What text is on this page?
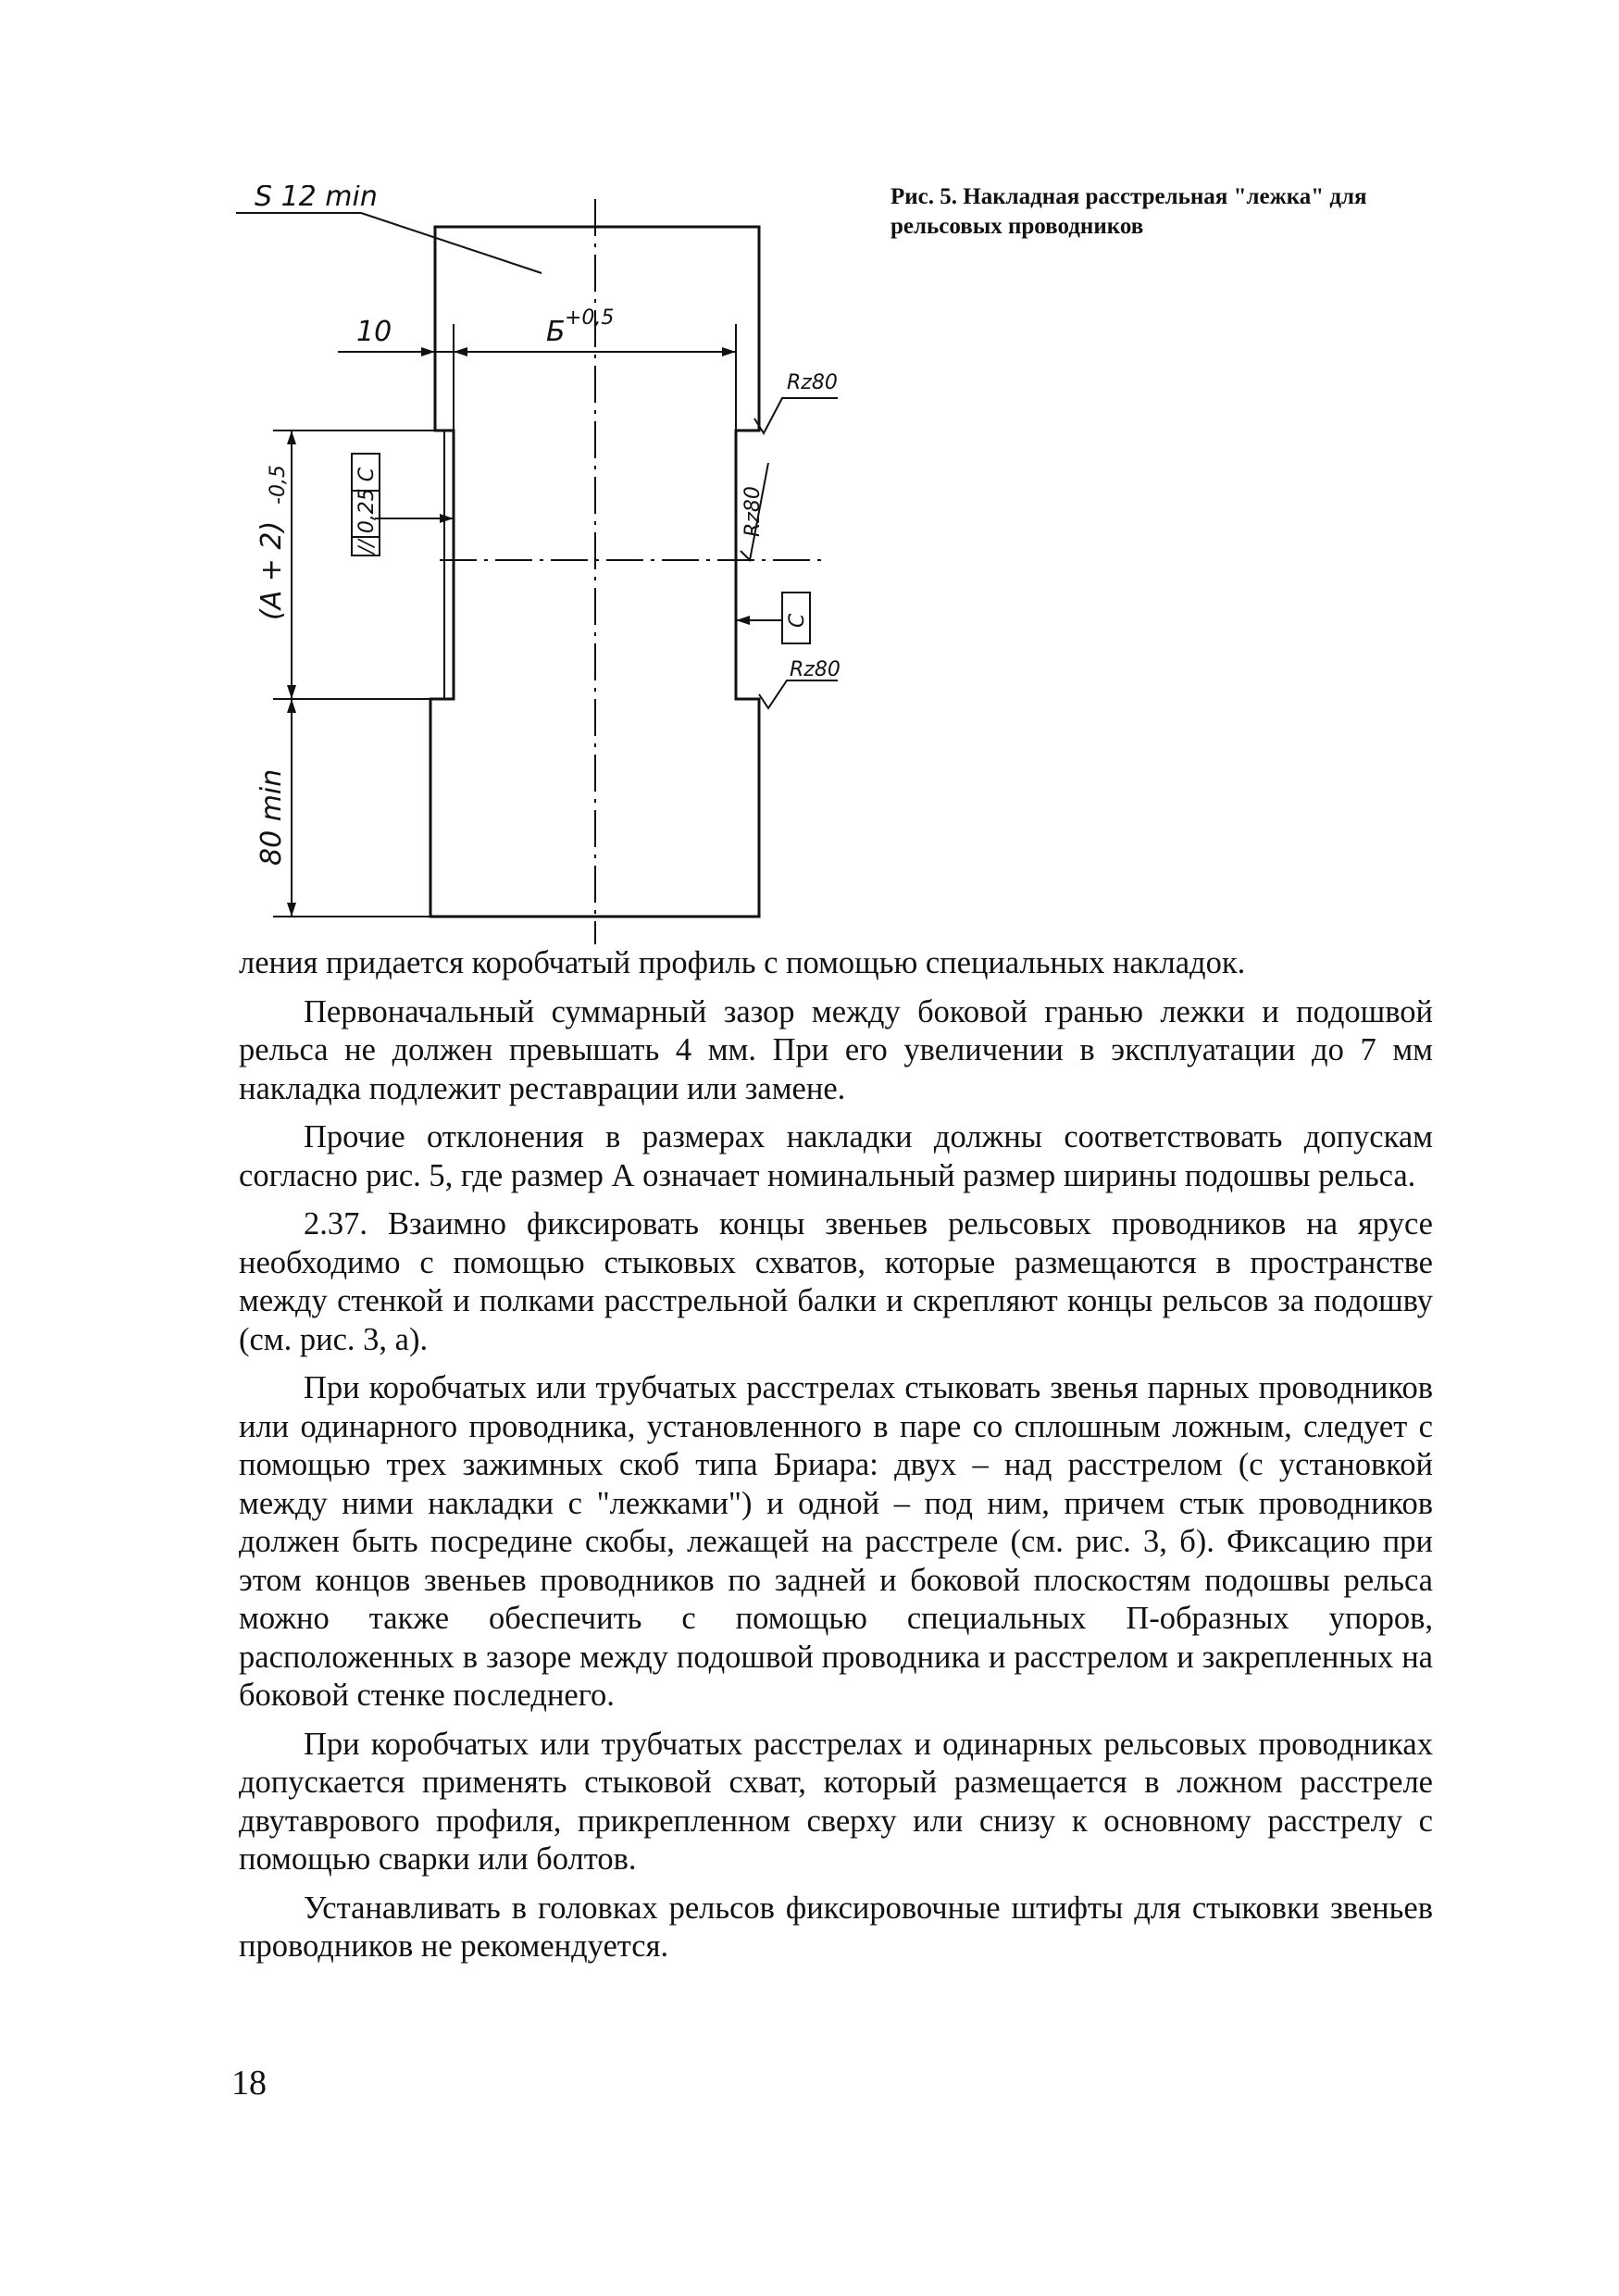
S 12 min
10	Б +0,5
(A + 2)
-0,5
80 min
Rz80
Rz80
Rz80
// 0,25 C
C
Рис. 5. Накладная расстрельная "лежка" для рельсовых проводников

ления придается коробчатый профиль с помощью специальных накладок.

Первоначальный суммарный зазор между боковой гранью лежки и подошвой рельса не должен превышать 4 мм. При его увеличении в эксплуатации до 7 мм накладка подлежит реставрации или замене.

Прочие отклонения в размерах накладки должны соответствовать допускам согласно рис. 5, где размер А означает номинальный размер ширины подошвы рельса.

2.37. Взаимно фиксировать концы звеньев рельсовых проводников на ярусе необходимо с помощью стыковых схватов, которые размещаются в пространстве между стенкой и полками расстрельной балки и скрепляют концы рельсов за подошву (см. рис. 3, а).

При коробчатых или трубчатых расстрелах стыковать звенья парных проводников или одинарного проводника, установленного в паре со сплошным ложным, следует с помощью трех зажимных скоб типа Бриара: двух – над расстрелом (с установкой между ними накладки с "лежками") и одной – под ним, причем стык проводников должен быть посредине скобы, лежащей на расстреле (см. рис. 3, б). Фиксацию при этом концов звеньев проводников по задней и боковой плоскостям подошвы рельса можно также обеспечить с помощью специальных П-образных упоров, расположенных в зазоре между подошвой проводника и расстрелом и закрепленных на боковой стенке последнего.

При коробчатых или трубчатых расстрелах и одинарных рельсовых проводниках допускается применять стыковой схват, который размещается в ложном расстреле двутаврового профиля, прикрепленном сверху или снизу к основному расстрелу с помощью сварки или болтов.

Устанавливать в головках рельсов фиксировочные штифты для стыковки звеньев проводников не рекомендуется.

18
